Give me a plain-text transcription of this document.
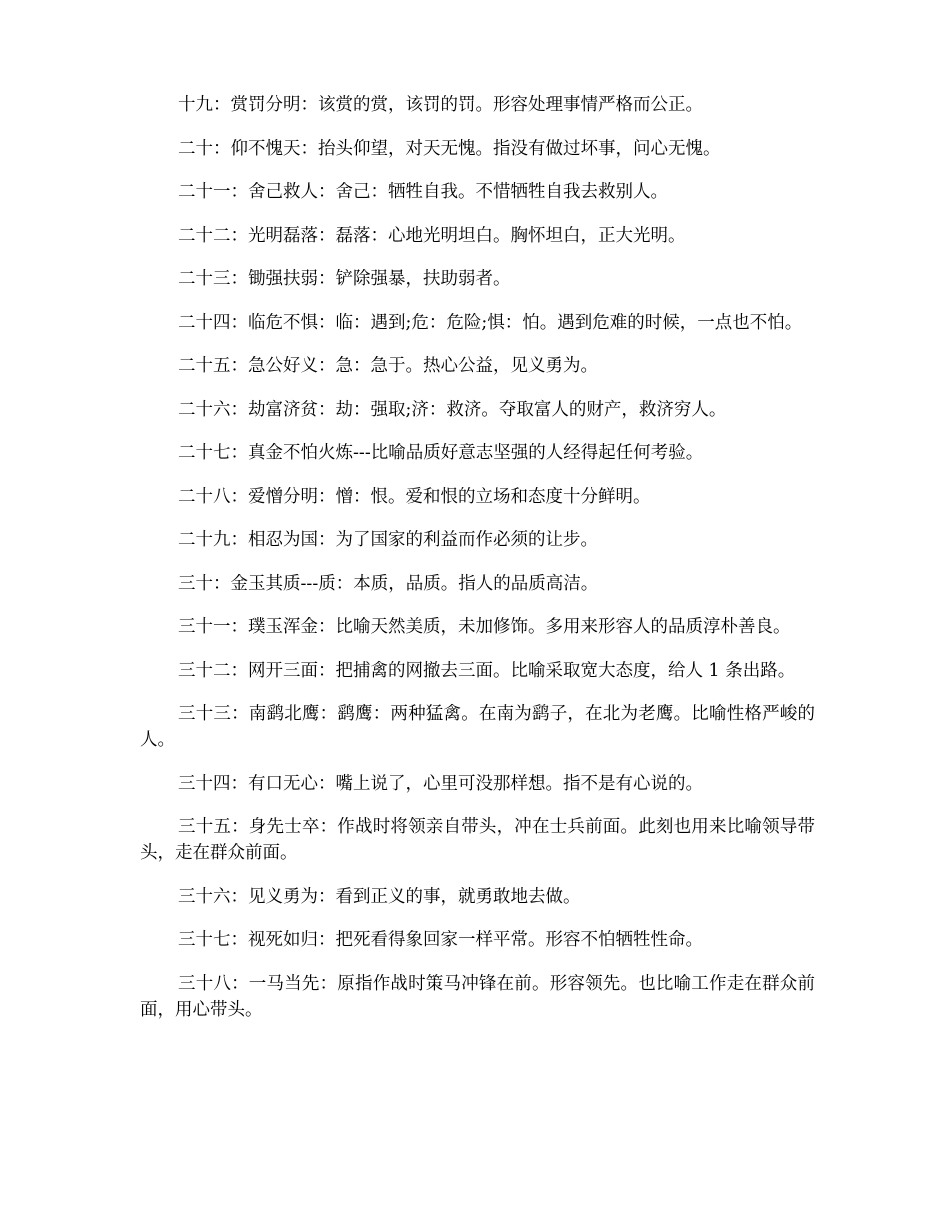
十九：赏罚分明：该赏的赏，该罚的罚。形容处理事情严格而公正。

二十：仰不愧天：抬头仰望，对天无愧。指没有做过坏事，问心无愧。

二十一：舍己救人：舍己：牺牲自我。不惜牺牲自我去救别人。

二十二：光明磊落：磊落：心地光明坦白。胸怀坦白，正大光明。

二十三：锄强扶弱：铲除强暴，扶助弱者。

二十四：临危不惧：临：遇到;危：危险;惧：怕。遇到危难的时候，一点也不怕。

二十五：急公好义：急：急于。热心公益，见义勇为。

二十六：劫富济贫：劫：强取;济：救济。夺取富人的财产，救济穷人。

二十七：真金不怕火炼---比喻品质好意志坚强的人经得起任何考验。

二十八：爱憎分明：憎：恨。爱和恨的立场和态度十分鲜明。

二十九：相忍为国：为了国家的利益而作必须的让步。

三十：金玉其质---质：本质，品质。指人的品质高洁。

三十一：璞玉浑金：比喻天然美质，未加修饰。多用来形容人的品质淳朴善良。

三十二：网开三面：把捕禽的网撤去三面。比喻采取宽大态度，给人 1 条出路。

三十三：南鹞北鹰：鹞鹰：两种猛禽。在南为鹞子，在北为老鹰。比喻性格严峻的人。

三十四：有口无心：嘴上说了，心里可没那样想。指不是有心说的。

三十五：身先士卒：作战时将领亲自带头，冲在士兵前面。此刻也用来比喻领导带头，走在群众前面。

三十六：见义勇为：看到正义的事，就勇敢地去做。

三十七：视死如归：把死看得象回家一样平常。形容不怕牺牲性命。

三十八：一马当先：原指作战时策马冲锋在前。形容领先。也比喻工作走在群众前面，用心带头。
